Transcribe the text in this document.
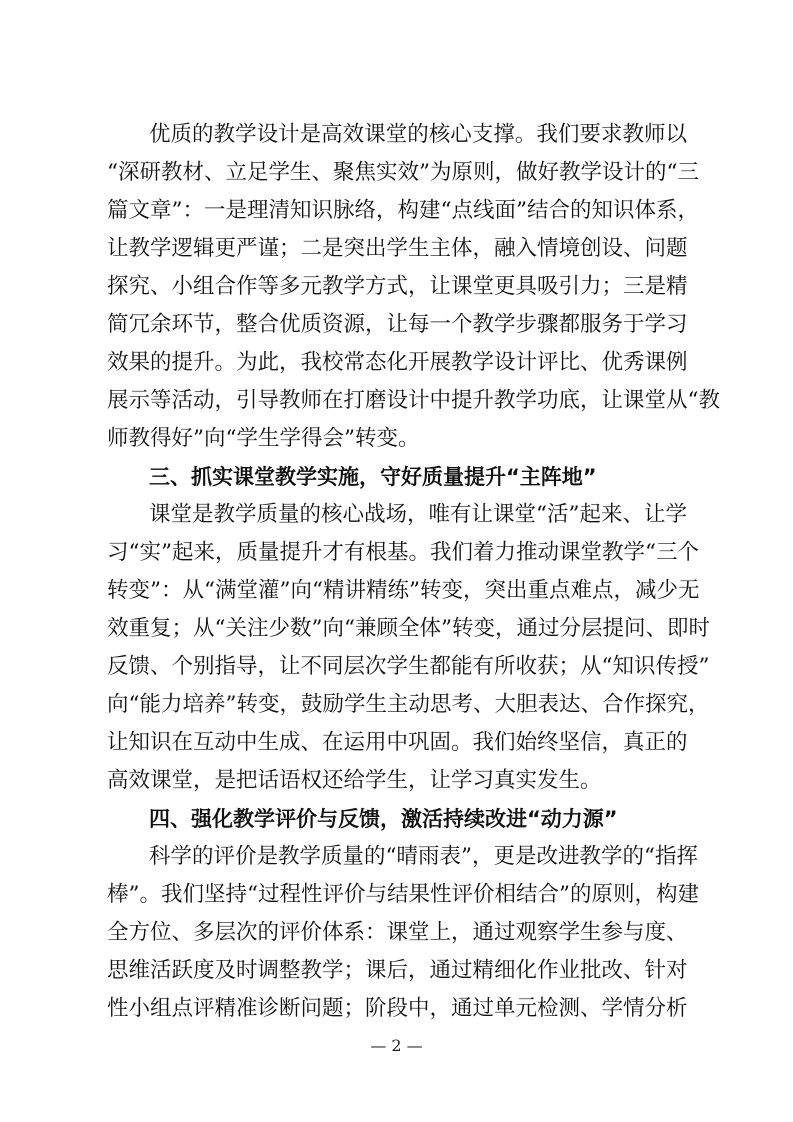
优质的教学设计是高效课堂的核心支撑。我们要求教师以
“深研教材、立足学生、聚焦实效”为原则，做好教学设计的“三
篇文章”：一是理清知识脉络，构建“点线面”结合的知识体系，
让教学逻辑更严谨；二是突出学生主体，融入情境创设、问题
探究、小组合作等多元教学方式，让课堂更具吸引力；三是精
简冗余环节，整合优质资源，让每一个教学步骤都服务于学习
效果的提升。为此，我校常态化开展教学设计评比、优秀课例
展示等活动，引导教师在打磨设计中提升教学功底，让课堂从“教
师教得好”向“学生学得会”转变。
三、抓实课堂教学实施，守好质量提升“主阵地”
课堂是教学质量的核心战场，唯有让课堂“活”起来、让学
习“实”起来，质量提升才有根基。我们着力推动课堂教学“三个
转变”：从“满堂灌”向“精讲精练”转变，突出重点难点，减少无
效重复；从“关注少数”向“兼顾全体”转变，通过分层提问、即时
反馈、个别指导，让不同层次学生都能有所收获；从“知识传授”
向“能力培养”转变，鼓励学生主动思考、大胆表达、合作探究，
让知识在互动中生成、在运用中巩固。我们始终坚信，真正的
高效课堂，是把话语权还给学生，让学习真实发生。
四、强化教学评价与反馈，激活持续改进“动力源”
科学的评价是教学质量的“晴雨表”，更是改进教学的“指挥
棒”。我们坚持“过程性评价与结果性评价相结合”的原则，构建
全方位、多层次的评价体系：课堂上，通过观察学生参与度、
思维活跃度及时调整教学；课后，通过精细化作业批改、针对
性小组点评精准诊断问题；阶段中，通过单元检测、学情分析
— 2 —
